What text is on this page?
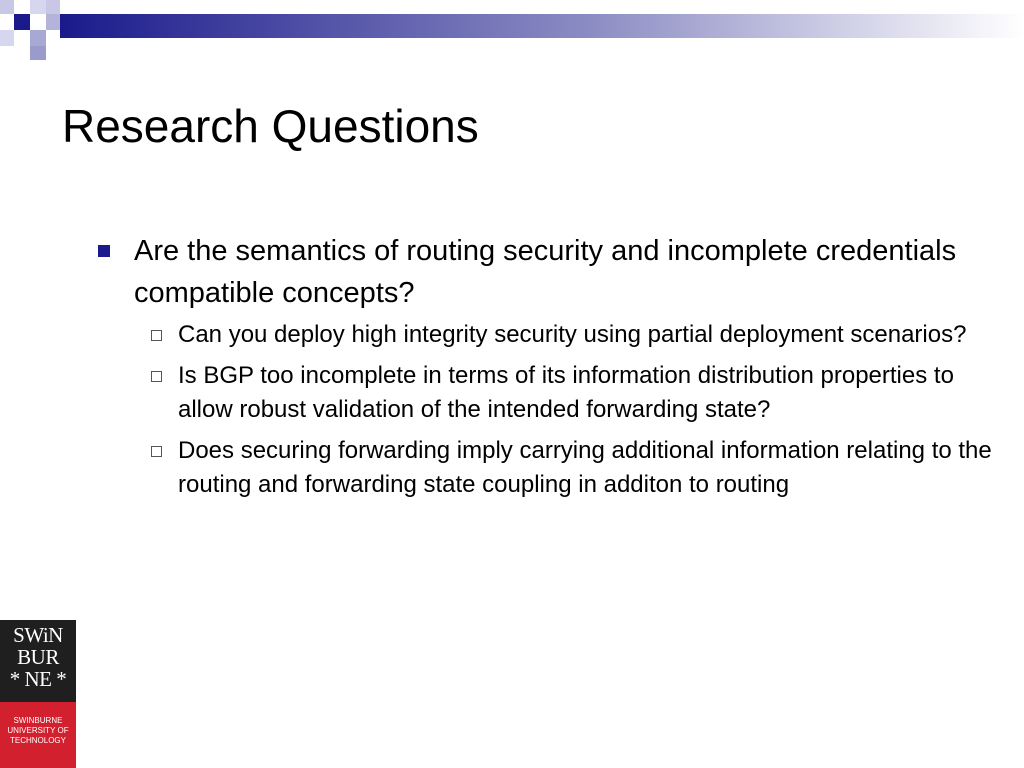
Research Questions
Are the semantics of routing security and incomplete credentials compatible concepts?
Can you deploy high integrity security using partial deployment scenarios?
Is BGP too incomplete in terms of its information distribution properties to allow robust validation of the intended forwarding state?
Does securing forwarding imply carrying additional information relating to the routing and forwarding state coupling in additon to routing
SWiN
BUR
* NE *
SWINBURNE
UNIVERSITY OF
TECHNOLOGY
